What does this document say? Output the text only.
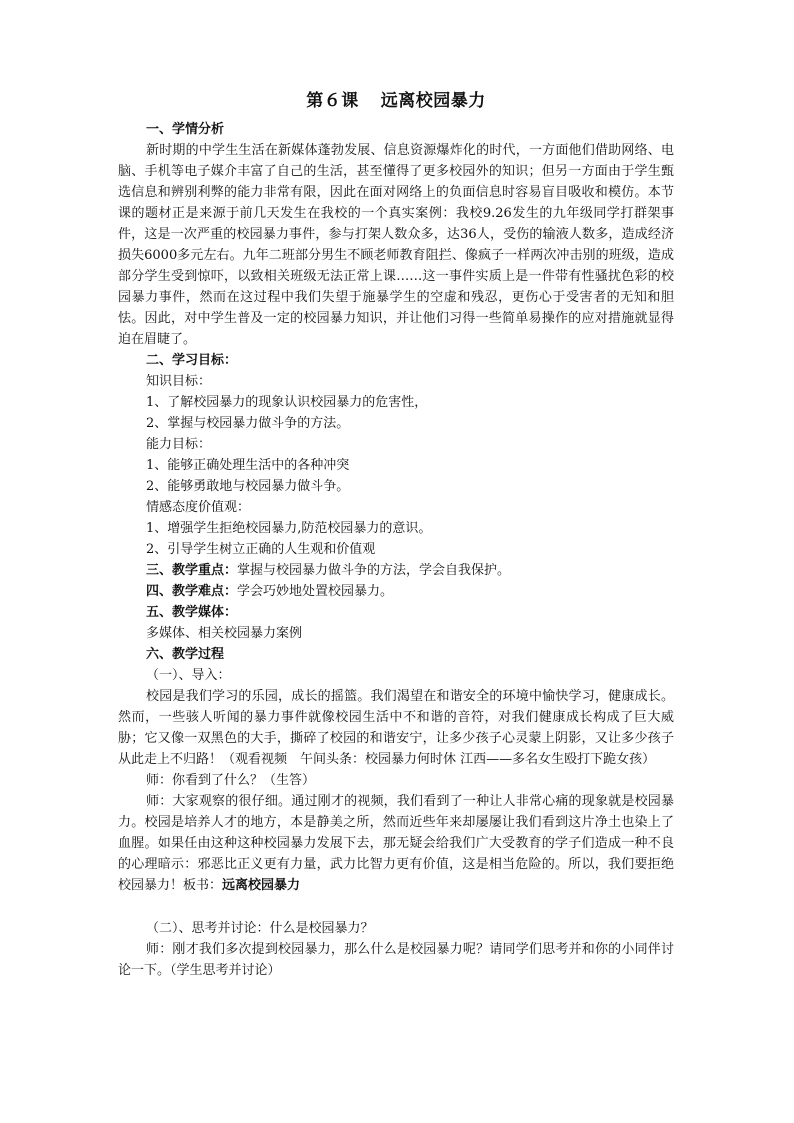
第６课 远离校园暴力

一、学情分析

新时期的中学生生活在新媒体蓬勃发展、信息资源爆炸化的时代，一方面他们借助网络、电脑、手机等电子媒介丰富了自己的生活，甚至懂得了更多校园外的知识；但另一方面由于学生甄选信息和辨别利弊的能力非常有限，因此在面对网络上的负面信息时容易盲目吸收和模仿。本节课的题材正是来源于前几天发生在我校的一个真实案例：我校9.26发生的九年级同学打群架事件，这是一次严重的校园暴力事件，参与打架人数众多，达36人，受伤的输液人数多，造成经济损失6000多元左右。九年二班部分男生不顾老师教育阻拦、像疯子一样两次冲击别的班级，造成部分学生受到惊吓，以致相关班级无法正常上课……这一事件实质上是一件带有性骚扰色彩的校园暴力事件，然而在这过程中我们失望于施暴学生的空虚和残忍，更伤心于受害者的无知和胆怯。因此，对中学生普及一定的校园暴力知识，并让他们习得一些简单易操作的应对措施就显得迫在眉睫了。

二、学习目标：

知识目标：

1、了解校园暴力的现象认识校园暴力的危害性，

2、掌握与校园暴力做斗争的方法。

能力目标：

1、能够正确处理生活中的各种冲突

2、能够勇敢地与校园暴力做斗争。

情感态度价值观：

1、增强学生拒绝校园暴力,防范校园暴力的意识。

2、引导学生树立正确的人生观和价值观

三、教学重点：掌握与校园暴力做斗争的方法，学会自我保护。

四、教学难点：学会巧妙地处置校园暴力。

五、教学媒体：

多媒体、相关校园暴力案例

六、教学过程

（一）、导入：

校园是我们学习的乐园，成长的摇篮。我们渴望在和谐安全的环境中愉快学习，健康成长。然而，一些骇人听闻的暴力事件就像校园生活中不和谐的音符，对我们健康成长构成了巨大威胁；它又像一双黑色的大手，撕碎了校园的和谐安宁，让多少孩子心灵蒙上阴影，又让多少孩子从此走上不归路！（观看视频　午间头条：校园暴力何时休 江西——多名女生殴打下跪女孩）

师：你看到了什么？（生答）

师：大家观察的很仔细。通过刚才的视频，我们看到了一种让人非常心痛的现象就是校园暴力。校园是培养人才的地方，本是静美之所，然而近些年来却屡屡让我们看到这片净土也染上了血腥。如果任由这种这种校园暴力发展下去，那无疑会给我们广大受教育的学子们造成一种不良的心理暗示：邪恶比正义更有力量，武力比智力更有价值，这是相当危险的。所以，我们要拒绝校园暴力！板书：远离校园暴力

（二）、思考并讨论：什么是校园暴力？

师：刚才我们多次提到校园暴力，那么什么是校园暴力呢？请同学们思考并和你的小同伴讨论一下。（学生思考并讨论）
